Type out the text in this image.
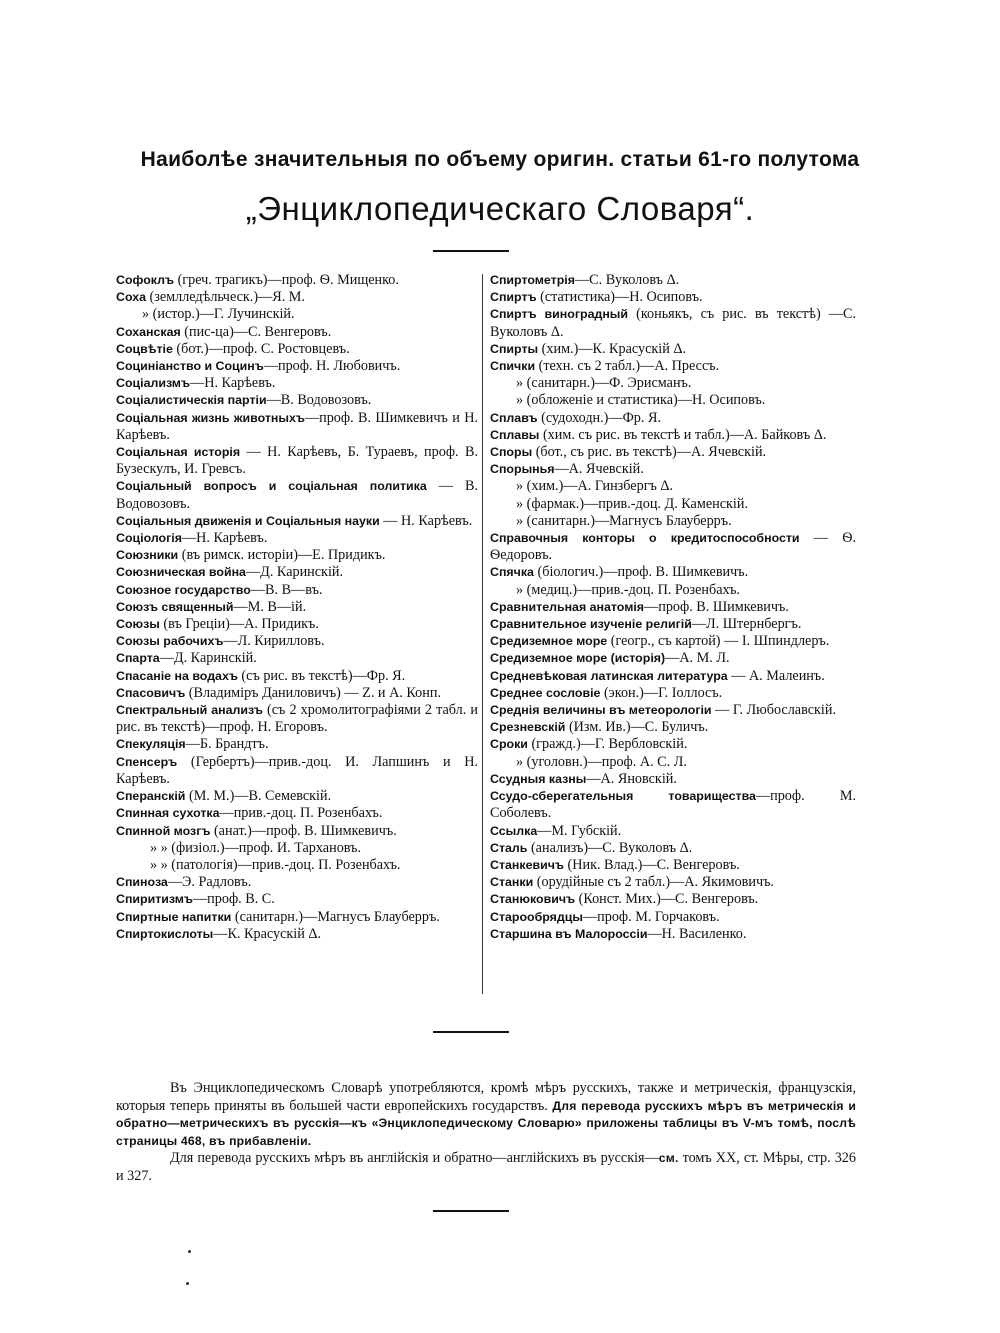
Наиболѣе значительныя по объему оригин. статьи 61-го полутома
„Энциклопедическаго Словаря“.
Софоклъ (греч. трагикъ)—проф. Ѳ. Мищенко.
Соха (землледѣльческ.)—Я. М.
» (истор.)—Г. Лучинскій.
Соханская (пис-ца)—С. Венгеровъ.
Соцвѣтіе (бот.)—проф. С. Ростовцевъ.
Социніанство и Социнъ—проф. Н. Любовичъ.
Соціализмъ—Н. Карѣевъ.
Соціалистическія партіи—В. Водовозовъ.
Соціальная жизнь животныхъ—проф. В. Шимкевичъ и Н. Карѣевъ.
Соціальная исторія — Н. Карѣевъ, Б. Тураевъ, проф. В. Бузескулъ, И. Гревсъ.
Соціальный вопросъ и соціальная политика — В. Водовозовъ.
Соціальныя движенія и Соціальныя науки — Н. Карѣевъ.
Соціологія—Н. Карѣевъ.
Союзники (въ римск. исторіи)—Е. Придикъ.
Союзническая война—Д. Каринскій.
Союзное государство—В. В—въ.
Союзъ священный—М. В—ій.
Союзы (въ Греціи)—А. Придикъ.
Союзы рабочихъ—Л. Кирилловъ.
Спарта—Д. Каринскій.
Спасаніе на водахъ (съ рис. въ текстѣ)—Фр. Я.
Спасовичъ (Владиміръ Даниловичъ) — Z. и А. Конп.
Спектральный анализъ (съ 2 хромолитографіями 2 табл. и рис. въ текстѣ)—проф. Н. Егоровъ.
Спекуляція—Б. Брандтъ.
Спенсеръ (Гербертъ)—прив.-доц. И. Лапшинъ и Н. Карѣевъ.
Сперанскій (М. М.)—В. Семевскій.
Спинная сухотка—прив.-доц. П. Розенбахъ.
Спинной мозгъ (анат.)—проф. В. Шимкевичъ.
» » (физіол.)—проф. И. Тархановъ.
» » (патологія)—прив.-доц. П. Розенбахъ.
Спиноза—Э. Радловъ.
Спиритизмъ—проф. В. С.
Спиртные напитки (санитарн.)—Магнусъ Блауберръ.
Спиртокислоты—К. Красускій Δ.
Спиртометрія—С. Вуколовъ Δ.
Спиртъ (статистика)—Н. Осиповъ.
Спиртъ виноградный (коньякъ, съ рис. въ текстѣ) —С. Вуколовъ Δ.
Спирты (хим.)—К. Красускій Δ.
Спички (техн. съ 2 табл.)—А. Прессъ.
» (санитарн.)—Ф. Эрисманъ.
» (обложеніе и статистика)—Н. Осиповъ.
Сплавъ (судоходн.)—Фр. Я.
Сплавы (хим. съ рис. въ текстѣ и табл.)—А. Байковъ Δ.
Споры (бот., съ рис. въ текстѣ)—А. Ячевскій.
Спорынья—А. Ячевскій.
» (хим.)—А. Гинзбергъ Δ.
» (фармак.)—прив.-доц. Д. Каменскій.
» (санитарн.)—Магнусъ Блауберръ.
Справочныя конторы о кредитоспособности — Ѳ. Ѳедоровъ.
Спячка (біологич.)—проф. В. Шимкевичъ.
» (медиц.)—прив.-доц. П. Розенбахъ.
Сравнительная анатомія—проф. В. Шимкевичъ.
Сравнительное изученіе религій—Л. Штернбергъ.
Средиземное море (геогр., съ картой) — І. Шпиндлеръ.
Средиземное море (исторія)—А. М. Л.
Средневѣковая латинская литература — А. Малеинъ.
Среднее сословіе (экон.)—Г. Іоллосъ.
Среднія величины въ метеорологіи — Г. Любославскій.
Срезневскій (Изм. Ив.)—С. Буличъ.
Сроки (гражд.)—Г. Вербловскій.
» (уголовн.)—проф. А. С. Л.
Ссудныя казны—А. Яновскій.
Ссудо-сберегательныя товарищества—проф. М. Соболевъ.
Ссылка—М. Губскій.
Сталь (анализъ)—С. Вуколовъ Δ.
Станкевичъ (Ник. Влад.)—С. Венгеровъ.
Станки (орудійные съ 2 табл.)—А. Якимовичъ.
Станюковичъ (Конст. Мих.)—С. Венгеровъ.
Старообрядцы—проф. М. Горчаковъ.
Старшина въ Малороссіи—Н. Василенко.

Въ Энциклопедическомъ Словарѣ употребляются, кромѣ мѣръ русскихъ, также и метрическія, французскія, которыя теперь приняты въ большей части европейскихъ государствъ. Для перевода русскихъ мѣръ въ метрическія и обратно—метрическихъ въ русскія—къ «Энциклопедическому Словарю» приложены таблицы въ V-мъ томѣ, послѣ страницы 468, въ прибавленіи.

Для перевода русскихъ мѣръ въ англійскія и обратно—англійскихъ въ русскія—см. томъ XX, ст. Мѣры, стр. 326 и 327.
